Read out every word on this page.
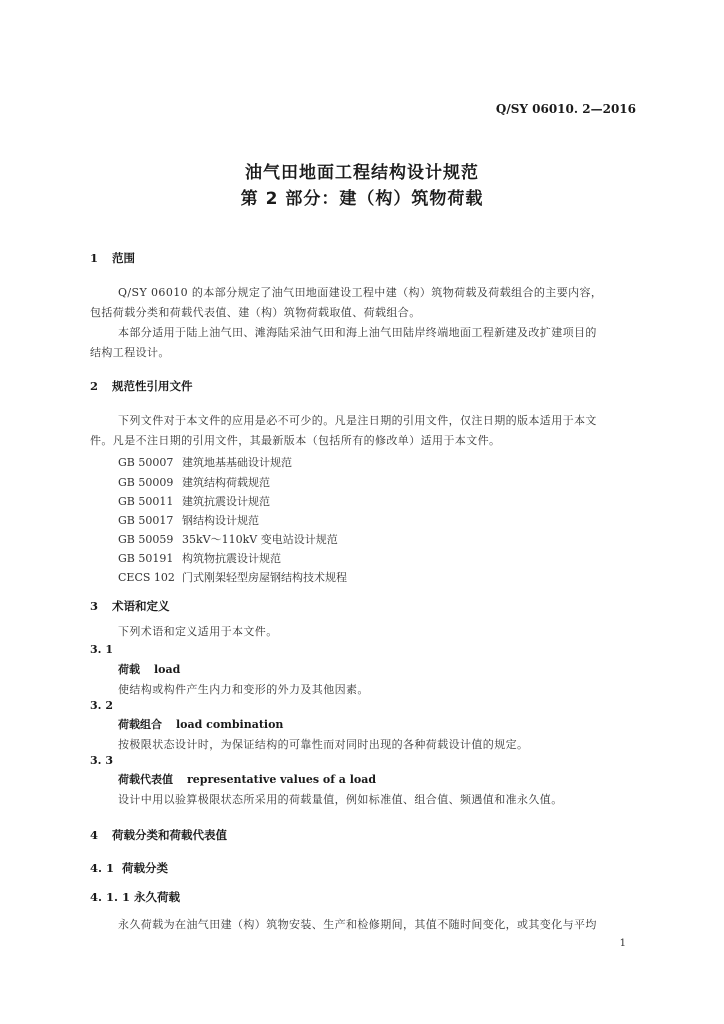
Q/SY 06010. 2—2016
油气田地面工程结构设计规范
第 2 部分：建（构）筑物荷载
1 范围
Q/SY 06010 的本部分规定了油气田地面建设工程中建（构）筑物荷载及荷载组合的主要内容，
包括荷载分类和荷载代表值、建（构）筑物荷载取值、荷载组合。
本部分适用于陆上油气田、滩海陆采油气田和海上油气田陆岸终端地面工程新建及改扩建项目的
结构工程设计。
2 规范性引用文件
下列文件对于本文件的应用是必不可少的。凡是注日期的引用文件，仅注日期的版本适用于本文
件。凡是不注日期的引用文件，其最新版本（包括所有的修改单）适用于本文件。
GB 50007 建筑地基基础设计规范
GB 50009 建筑结构荷载规范
GB 50011 建筑抗震设计规范
GB 50017 钢结构设计规范
GB 50059 35kV～110kV 变电站设计规范
GB 50191 构筑物抗震设计规范
CECS 102 门式刚架轻型房屋钢结构技术规程
3 术语和定义
下列术语和定义适用于本文件。
3. 1
荷载 load
使结构或构件产生内力和变形的外力及其他因素。
3. 2
荷载组合 load combination
按极限状态设计时，为保证结构的可靠性而对同时出现的各种荷载设计值的规定。
3. 3
荷载代表值 representative values of a load
设计中用以验算极限状态所采用的荷载量值，例如标准值、组合值、频遇值和准永久值。
4 荷载分类和荷载代表值
4. 1 荷载分类
4. 1. 1 永久荷载
永久荷载为在油气田建（构）筑物安装、生产和检修期间，其值不随时间变化，或其变化与平均
1
